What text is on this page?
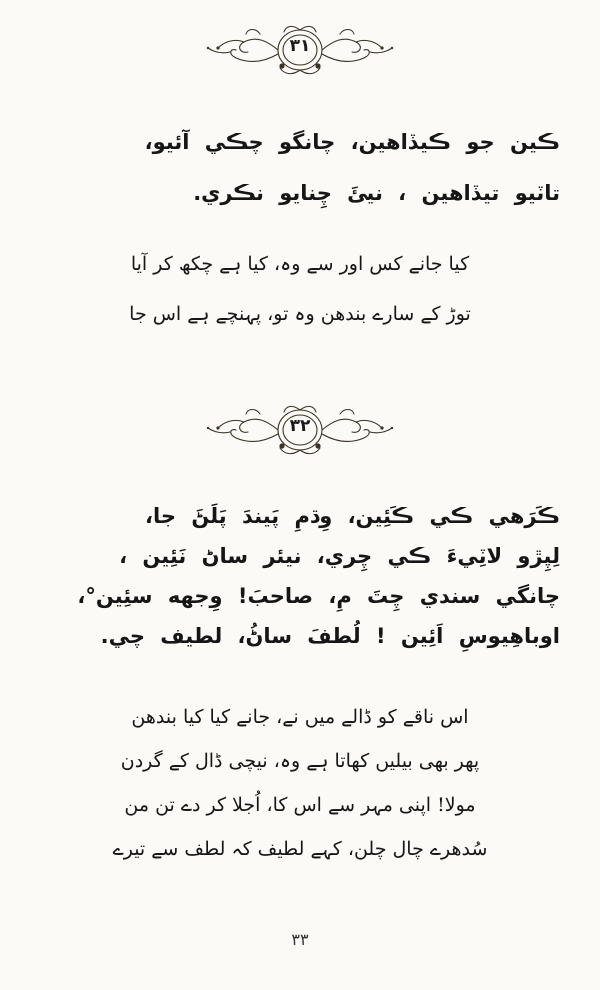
۳۱
ڪين جو ڪيڏاهين، چانگو چڪي آئيو،
تاٽيو تيڏاهين ، نيئَ چِنايو نڪري.
کیا جانے کس اور سے وہ، کیا ہے چکھ کر آیا
توڑ کے سارے بندھن وہ تو، پہنچے ہے اس جا
۳۲
ڪَرَهي ڪي ڪَئِين، وِڌمِ پَيندَ پَلَڻَ جا،
لِپِڙو لاٽِيءَ ڪي چِري، نيئر ساڻ نَئِين ،
چانگي سندي چِتَ مِ، صاحبَ! وِجهه سئِين°،
اوباهِيوسِ اَئِين ! لُطفَ ساڻُ، لطيف چي.
اس ناقے کو ڈالے میں نے، جانے کیا کیا بندھن
پھر بھی بیلیں کھاتا ہے وہ، نیچی ڈال کے گردن
مولا! اپنی مہر سے اس کا، اُجلا کر دے تن من
سُدھرے چال چلن، کہے لطیف کہ لطف سے تیرے
۳۳
